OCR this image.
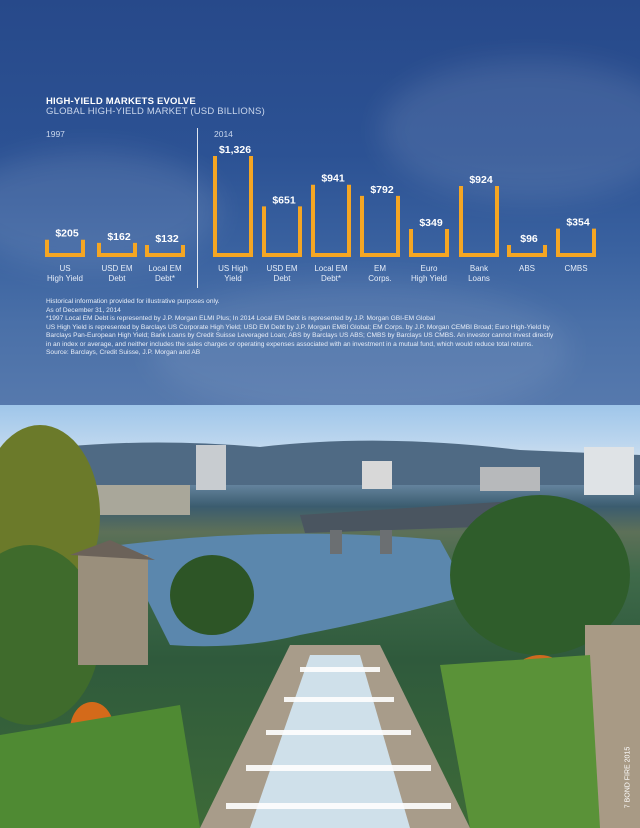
HIGH-YIELD MARKETS EVOLVE
GLOBAL HIGH-YIELD MARKET (USD BILLIONS)
1997	2014
$205
US
High Yield
$162
USD EM
Debt
$132
Local EM
Debt*
$1,326
US High
Yield
$651
USD EM
Debt
$941
Local EM
Debt*
$792
EM
Corps.
$349
Euro
High Yield
$924
Bank
Loans
$96
ABS
$354
CMBS
Historical information provided for illustrative purposes only.
As of December 31, 2014
*1997 Local EM Debt is represented by J.P. Morgan ELMI Plus; In 2014 Local EM Debt is represented by J.P. Morgan GBI-EM Global
US High Yield is represented by Barclays US Corporate High Yield; USD EM Debt by J.P. Morgan EMBI Global; EM Corps. by J.P. Morgan CEMBI Broad; Euro High-Yield by
Barclays Pan-European High Yield; Bank Loans by Credit Suisse Leveraged Loan; ABS by Barclays US ABS; CMBS by Barclays US CMBS. An investor cannot invest directly
in an index or average, and neither includes the sales charges or operating expenses associated with an investment in a mutual fund, which would reduce total returns.
Source: Barclays, Credit Suisse, J.P. Morgan and AB
7 BOND FIRE 2015
